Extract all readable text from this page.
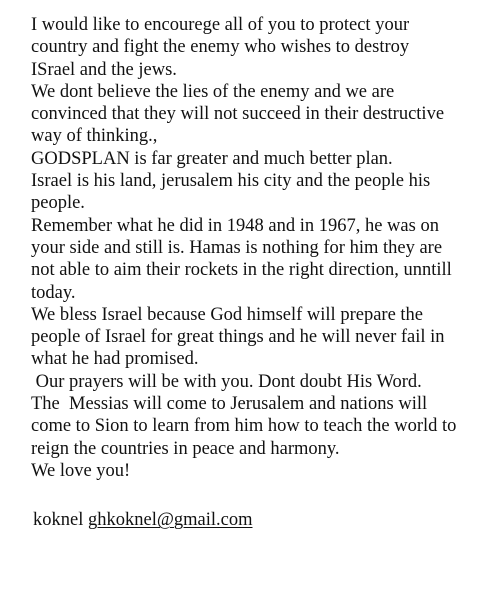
I would like to encourege all of you to protect your
country and fight the enemy who wishes to destroy
ISrael and the jews.
We dont believe the lies of the enemy and we are
convinced that they will not succeed in their destructive
way of thinking.,
GODSPLAN is far greater and much better plan.
Israel is his land, jerusalem his city and the people his
people.
Remember what he did in 1948 and in 1967, he was on
your side and still is. Hamas is nothing for him they are
not able to aim their rockets in the right direction, unntill
today.
We bless Israel because God himself will prepare the
people of Israel for great things and he will never fail in
what he had promised.
Our prayers will be with you. Dont doubt His Word.
The  Messias will come to Jerusalem and nations will
come to Sion to learn from him how to teach the world to
reign the countries in peace and harmony.
We love you!
koknel ghkoknel@gmail.com
